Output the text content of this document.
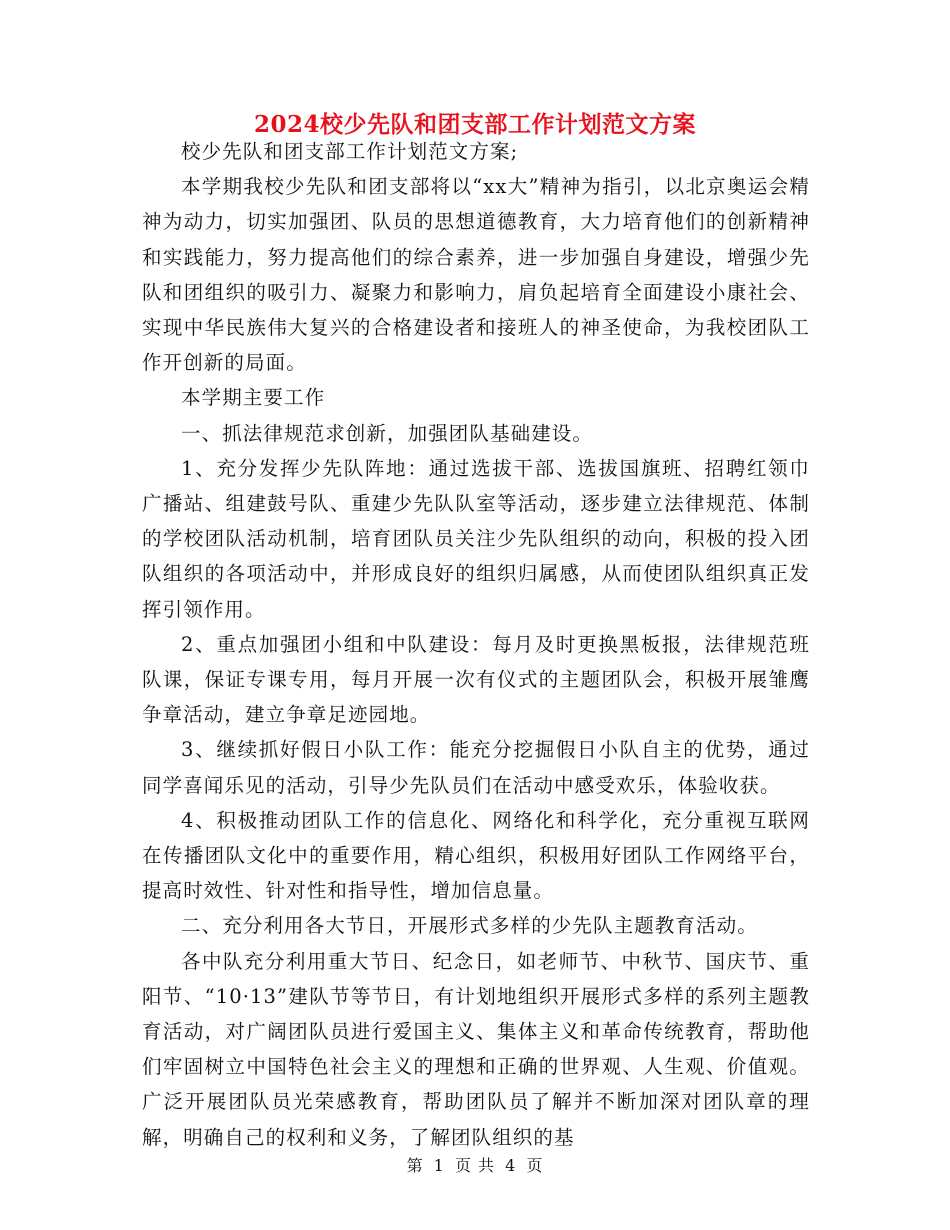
2024校少先队和团支部工作计划范文方案

校少先队和团支部工作计划范文方案;

本学期我校少先队和团支部将以“xx大”精神为指引，以北京奥运会精神为动力，切实加强团、队员的思想道德教育，大力培育他们的创新精神和实践能力，努力提高他们的综合素养，进一步加强自身建设，增强少先队和团组织的吸引力、凝聚力和影响力，肩负起培育全面建设小康社会、实现中华民族伟大复兴的合格建设者和接班人的神圣使命，为我校团队工作开创新的局面。

本学期主要工作

一、抓法律规范求创新，加强团队基础建设。

1、充分发挥少先队阵地：通过选拔干部、选拔国旗班、招聘红领巾广播站、组建鼓号队、重建少先队队室等活动，逐步建立法律规范、体制的学校团队活动机制，培育团队员关注少先队组织的动向，积极的投入团队组织的各项活动中，并形成良好的组织归属感，从而使团队组织真正发挥引领作用。

2、重点加强团小组和中队建设：每月及时更换黑板报，法律规范班队课，保证专课专用，每月开展一次有仪式的主题团队会，积极开展雏鹰争章活动，建立争章足迹园地。

3、继续抓好假日小队工作：能充分挖掘假日小队自主的优势，通过同学喜闻乐见的活动，引导少先队员们在活动中感受欢乐，体验收获。

4、积极推动团队工作的信息化、网络化和科学化，充分重视互联网在传播团队文化中的重要作用，精心组织，积极用好团队工作网络平台，提高时效性、针对性和指导性，增加信息量。

二、充分利用各大节日，开展形式多样的少先队主题教育活动。

各中队充分利用重大节日、纪念日，如老师节、中秋节、国庆节、重阳节、“10·13”建队节等节日，有计划地组织开展形式多样的系列主题教育活动，对广阔团队员进行爱国主义、集体主义和革命传统教育，帮助他们牢固树立中国特色社会主义的理想和正确的世界观、人生观、价值观。广泛开展团队员光荣感教育，帮助团队员了解并不断加深对团队章的理解，明确自己的权利和义务，了解团队组织的基

第 1 页 共 4 页
